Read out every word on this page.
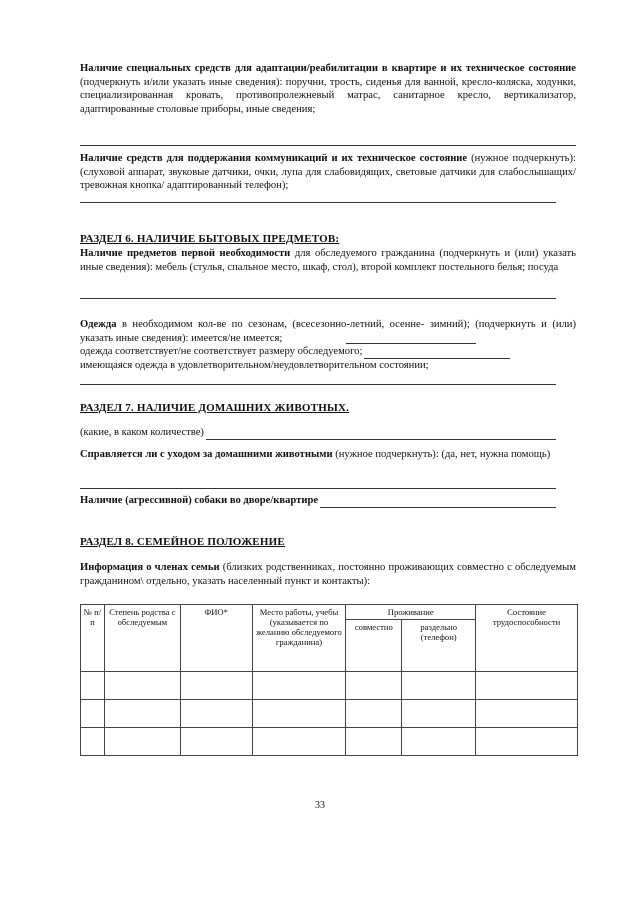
Наличие специальных средств для адаптации/реабилитации в квартире и их техническое состояние (подчеркнуть и/или указать иные сведения): поручни, трость, сиденья для ванной, кресло-коляска, ходунки, специализированная кровать, противопролежневый матрас, санитарное кресло, вертикализатор, адаптированные столовые приборы, иные сведения;

Наличие средств для поддержания коммуникаций и их техническое состояние (нужное подчеркнуть): (слуховой аппарат, звуковые датчики, очки, лупа для слабовидящих, световые датчики для слабослышащих/ тревожная кнопка/ адаптированный телефон);

РАЗДЕЛ 6. НАЛИЧИЕ БЫТОВЫХ ПРЕДМЕТОВ:

Наличие предметов первой необходимости для обследуемого гражданина (подчеркнуть и (или) указать иные сведения): мебель (стулья, спальное место, шкаф, стол), второй комплект постельного белья; посуда

Одежда в необходимом кол-ве по сезонам, (всесезонно-летний, осенне- зимний); (подчеркнуть и (или) указать иные сведения): имеется/не имеется;

одежда соответствует/не соответствует размеру обследуемого;
имеющаяся одежда в удовлетворительном/неудовлетворительном состоянии;

РАЗДЕЛ 7. НАЛИЧИЕ ДОМАШНИХ ЖИВОТНЫХ.

(какие, в каком количестве)

Справляется ли с уходом за домашними животными (нужное подчеркнуть): (да, нет, нужна помощь)

Наличие (агрессивной) собаки во дворе/квартире

РАЗДЕЛ 8. СЕМЕЙНОЕ ПОЛОЖЕНИЕ

Информация о членах семьи (близких родственниках, постоянно проживающих совместно с обследуемым гражданином\ отдельно, указать населенный пункт и контакты):

№ п/п	Степень родства с обследуемым	ФИО*	Место работы, учебы (указывается по желанию обследуемого гражданина)	Проживание		Состояние трудоспособности
				совместно	раздельно (телефон)	

33
